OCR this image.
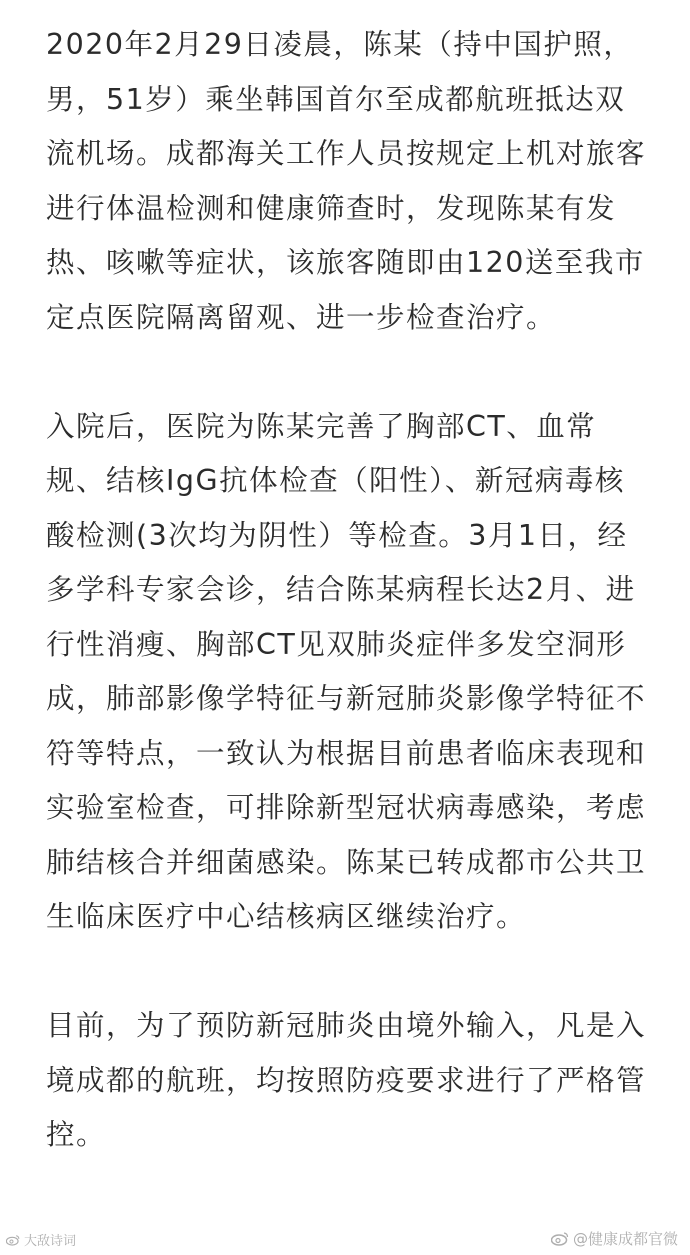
2020年2月29日凌晨，陈某（持中国护照，
男，51岁）乘坐韩国首尔至成都航班抵达双
流机场。成都海关工作人员按规定上机对旅客
进行体温检测和健康筛查时，发现陈某有发
热、咳嗽等症状，该旅客随即由120送至我市
定点医院隔离留观、进一步检查治疗。

入院后，医院为陈某完善了胸部CT、血常
规、结核IgG抗体检查（阳性）、新冠病毒核
酸检测(3次均为阴性）等检查。3月1日，经
多学科专家会诊，结合陈某病程长达2月、进
行性消瘦、胸部CT见双肺炎症伴多发空洞形
成，肺部影像学特征与新冠肺炎影像学特征不
符等特点，一致认为根据目前患者临床表现和
实验室检查，可排除新型冠状病毒感染，考虑
肺结核合并细菌感染。陈某已转成都市公共卫
生临床医疗中心结核病区继续治疗。

目前，为了预防新冠肺炎由境外输入，凡是入
境成都的航班，均按照防疫要求进行了严格管
控。

大敌诗词	@健康成都官微
